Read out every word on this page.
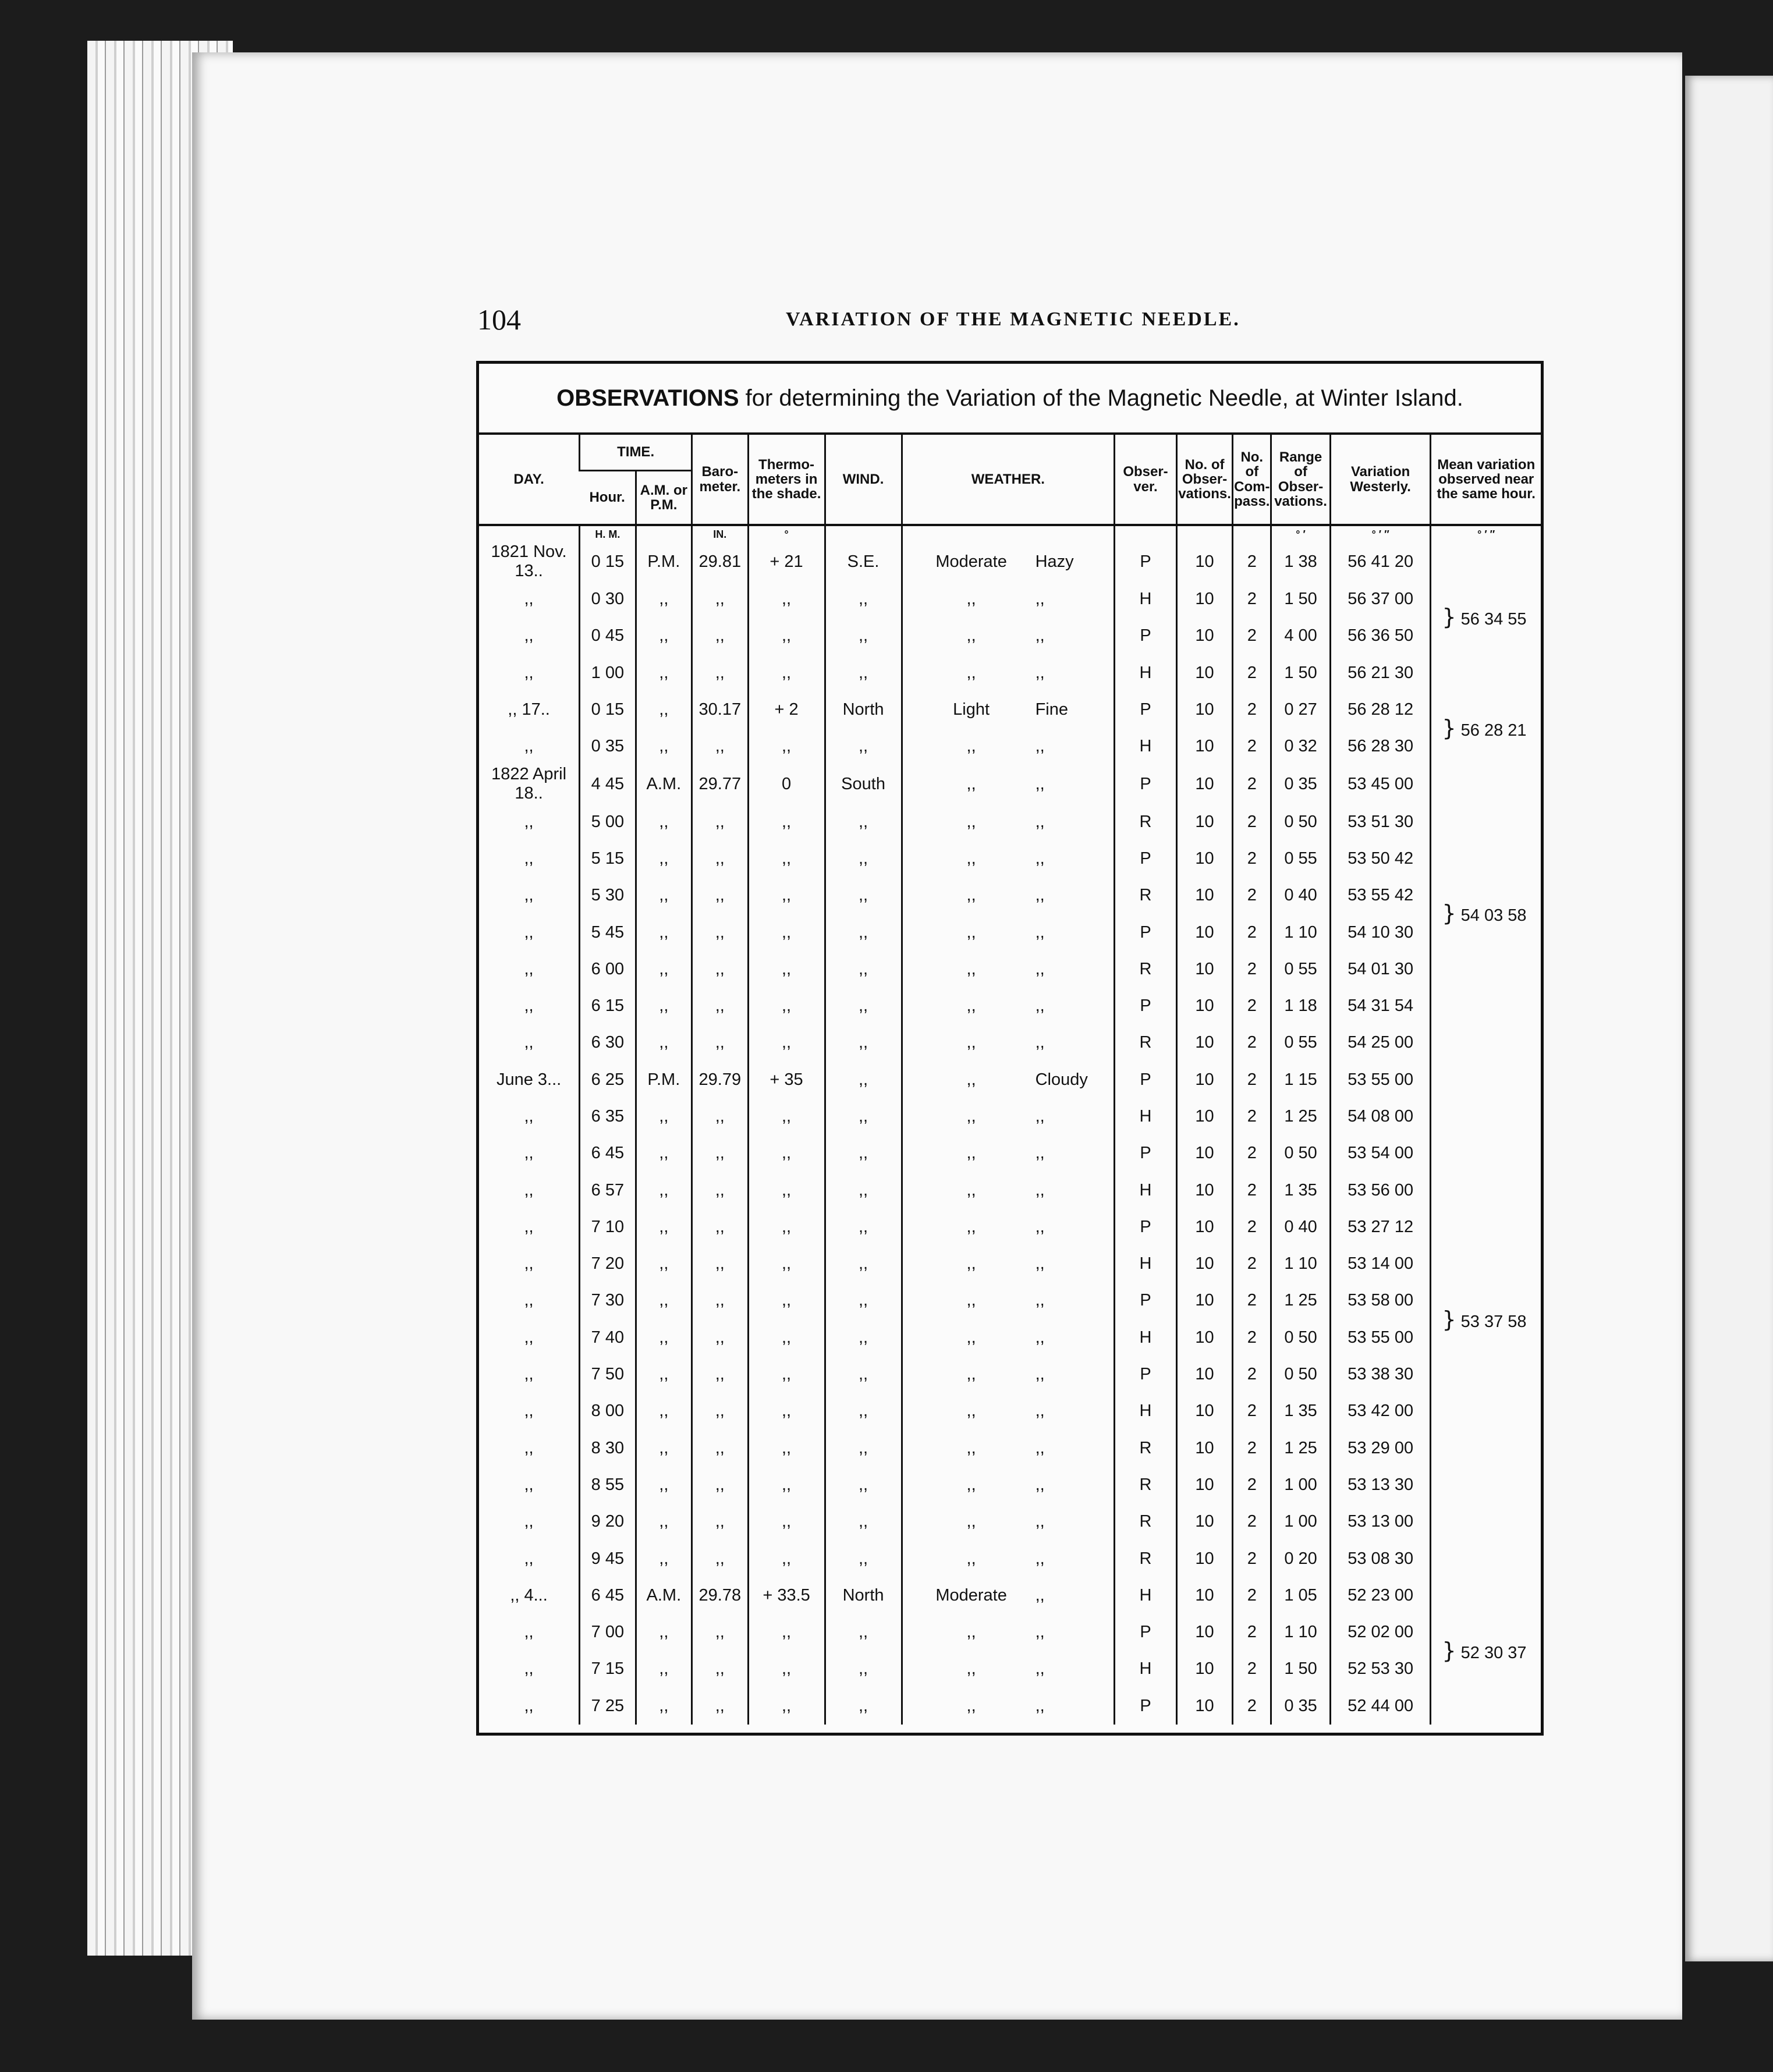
104	VARIATION OF THE MAGNETIC NEEDLE.
OBSERVATIONS for determining the Variation of the Magnetic Needle, at Winter Island.
DAY.	TIME.		Baro-meter.	Thermo-meters in the shade.	WIND.	WEATHER.	Obser-ver.	No. of Obser-vations.	No. of Com-pass.	Range of Obser-vations.	Variation Westerly.	Mean variation observed near the same hour.
	Hour.	A.M. or P.M.										
	H. M.		IN.	°						° ′	° ′ ″	° ′ ″
1821 Nov. 13..	0 15	P.M.	29.81	+ 21	S.E.	Moderate Hazy	P	10	2	1 38	56 41 20	} 56 34 55
,,	0 30	,,	,,	,,	,,	,, ,,	H	10	2	1 50	56 37 00	
,,	0 45	,,	,,	,,	,,	,, ,,	P	10	2	4 00	56 36 50	
,,	1 00	,,	,,	,,	,,	,, ,,	H	10	2	1 50	56 21 30	
,, 17..	0 15	,,	30.17	+ 2	North	Light Fine	P	10	2	0 27	56 28 12	} 56 28 21
,,	0 35	,,	,,	,,	,,	,, ,,	H	10	2	0 32	56 28 30	
1822 April 18..	4 45	A.M.	29.77	0	South	,, ,,	P	10	2	0 35	53 45 00	} 54 03 58
,,	5 00	,,	,,	,,	,,	,, ,,	R	10	2	0 50	53 51 30	
,,	5 15	,,	,,	,,	,,	,, ,,	P	10	2	0 55	53 50 42	
,,	5 30	,,	,,	,,	,,	,, ,,	R	10	2	0 40	53 55 42	
,,	5 45	,,	,,	,,	,,	,, ,,	P	10	2	1 10	54 10 30	
,,	6 00	,,	,,	,,	,,	,, ,,	R	10	2	0 55	54 01 30	
,,	6 15	,,	,,	,,	,,	,, ,,	P	10	2	1 18	54 31 54	
,,	6 30	,,	,,	,,	,,	,, ,,	R	10	2	0 55	54 25 00	
June 3...	6 25	P.M.	29.79	+ 35	,,	,, Cloudy	P	10	2	1 15	53 55 00	} 53 37 58
,,	6 35	,,	,,	,,	,,	,, ,,	H	10	2	1 25	54 08 00	
,,	6 45	,,	,,	,,	,,	,, ,,	P	10	2	0 50	53 54 00	
,,	6 57	,,	,,	,,	,,	,, ,,	H	10	2	1 35	53 56 00	
,,	7 10	,,	,,	,,	,,	,, ,,	P	10	2	0 40	53 27 12	
,,	7 20	,,	,,	,,	,,	,, ,,	H	10	2	1 10	53 14 00	
,,	7 30	,,	,,	,,	,,	,, ,,	P	10	2	1 25	53 58 00	
,,	7 40	,,	,,	,,	,,	,, ,,	H	10	2	0 50	53 55 00	
,,	7 50	,,	,,	,,	,,	,, ,,	P	10	2	0 50	53 38 30	
,,	8 00	,,	,,	,,	,,	,, ,,	H	10	2	1 35	53 42 00	
,,	8 30	,,	,,	,,	,,	,, ,,	R	10	2	1 25	53 29 00	
,,	8 55	,,	,,	,,	,,	,, ,,	R	10	2	1 00	53 13 30	
,,	9 20	,,	,,	,,	,,	,, ,,	R	10	2	1 00	53 13 00	
,,	9 45	,,	,,	,,	,,	,, ,,	R	10	2	0 20	53 08 30	
,, 4...	6 45	A.M.	29.78	+ 33.5	North	Moderate ,,	H	10	2	1 05	52 23 00	} 52 30 37
,,	7 00	,,	,,	,,	,,	,, ,,	P	10	2	1 10	52 02 00	
,,	7 15	,,	,,	,,	,,	,, ,,	H	10	2	1 50	52 53 30	
,,	7 25	,,	,,	,,	,,	,, ,,	P	10	2	0 35	52 44 00	
